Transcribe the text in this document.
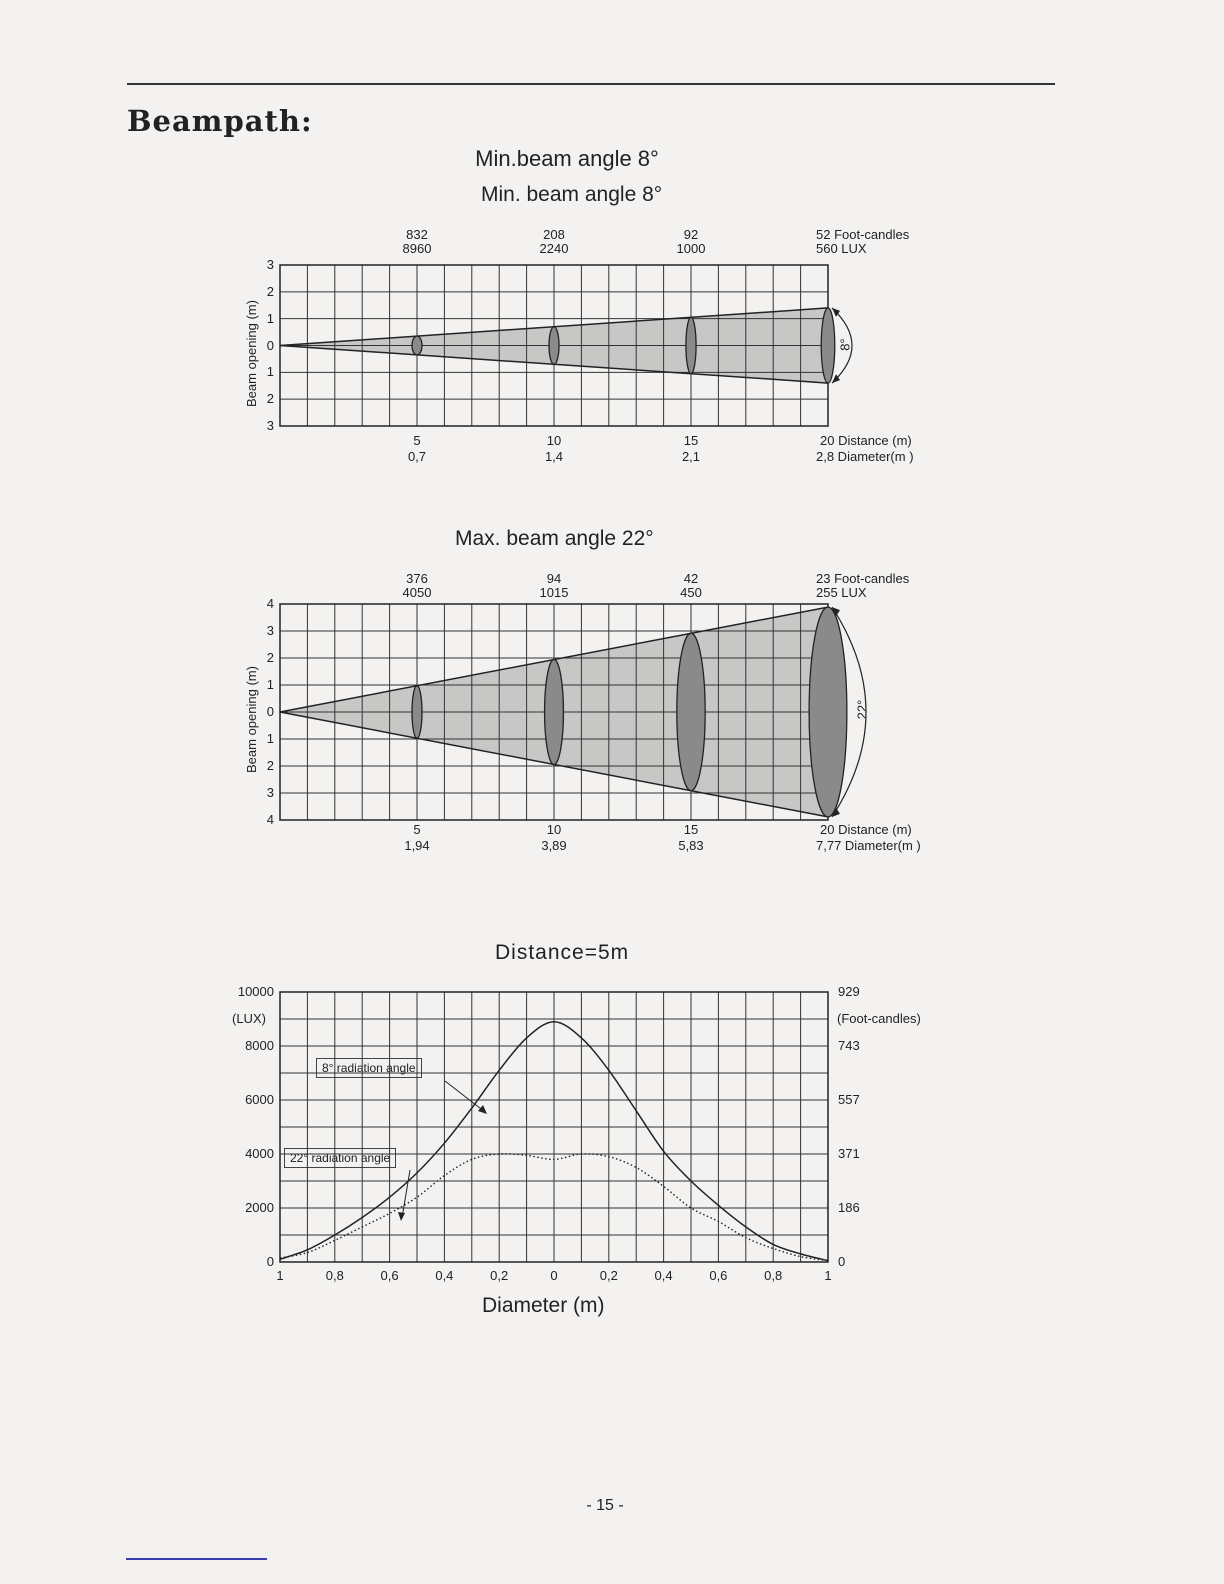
Beampath:
Min.beam angle 8°
Min. beam angle 8°
3
2
1
0
1
2
3
832
8960
5
0,7
208
2240
10
1,4
92
1000
15
2,1
52 Foot-candles
560 LUX
20 Distance (m)
2,8 Diameter(m )
Beam opening (m)	8°
Max. beam angle 22°
4
3
2
1
0
1
2
3
4
376
4050
5
1,94
94
1015
10
3,89
42
450
15
5,83
23 Foot-candles
255 LUX
20 Distance (m)
7,77 Diameter(m )
Beam opening (m)	22°
Distance=5m
0
2000
4000
6000
8000
10000
0
186
371
557
743
929
1	0,8	0,6	0,4	0,2	0	0,2	0,4	0,6	0,8	1
(LUX)	(Foot-candles)
Diameter (m)
8° radiation angle
22° radiation angle
- 15 -
